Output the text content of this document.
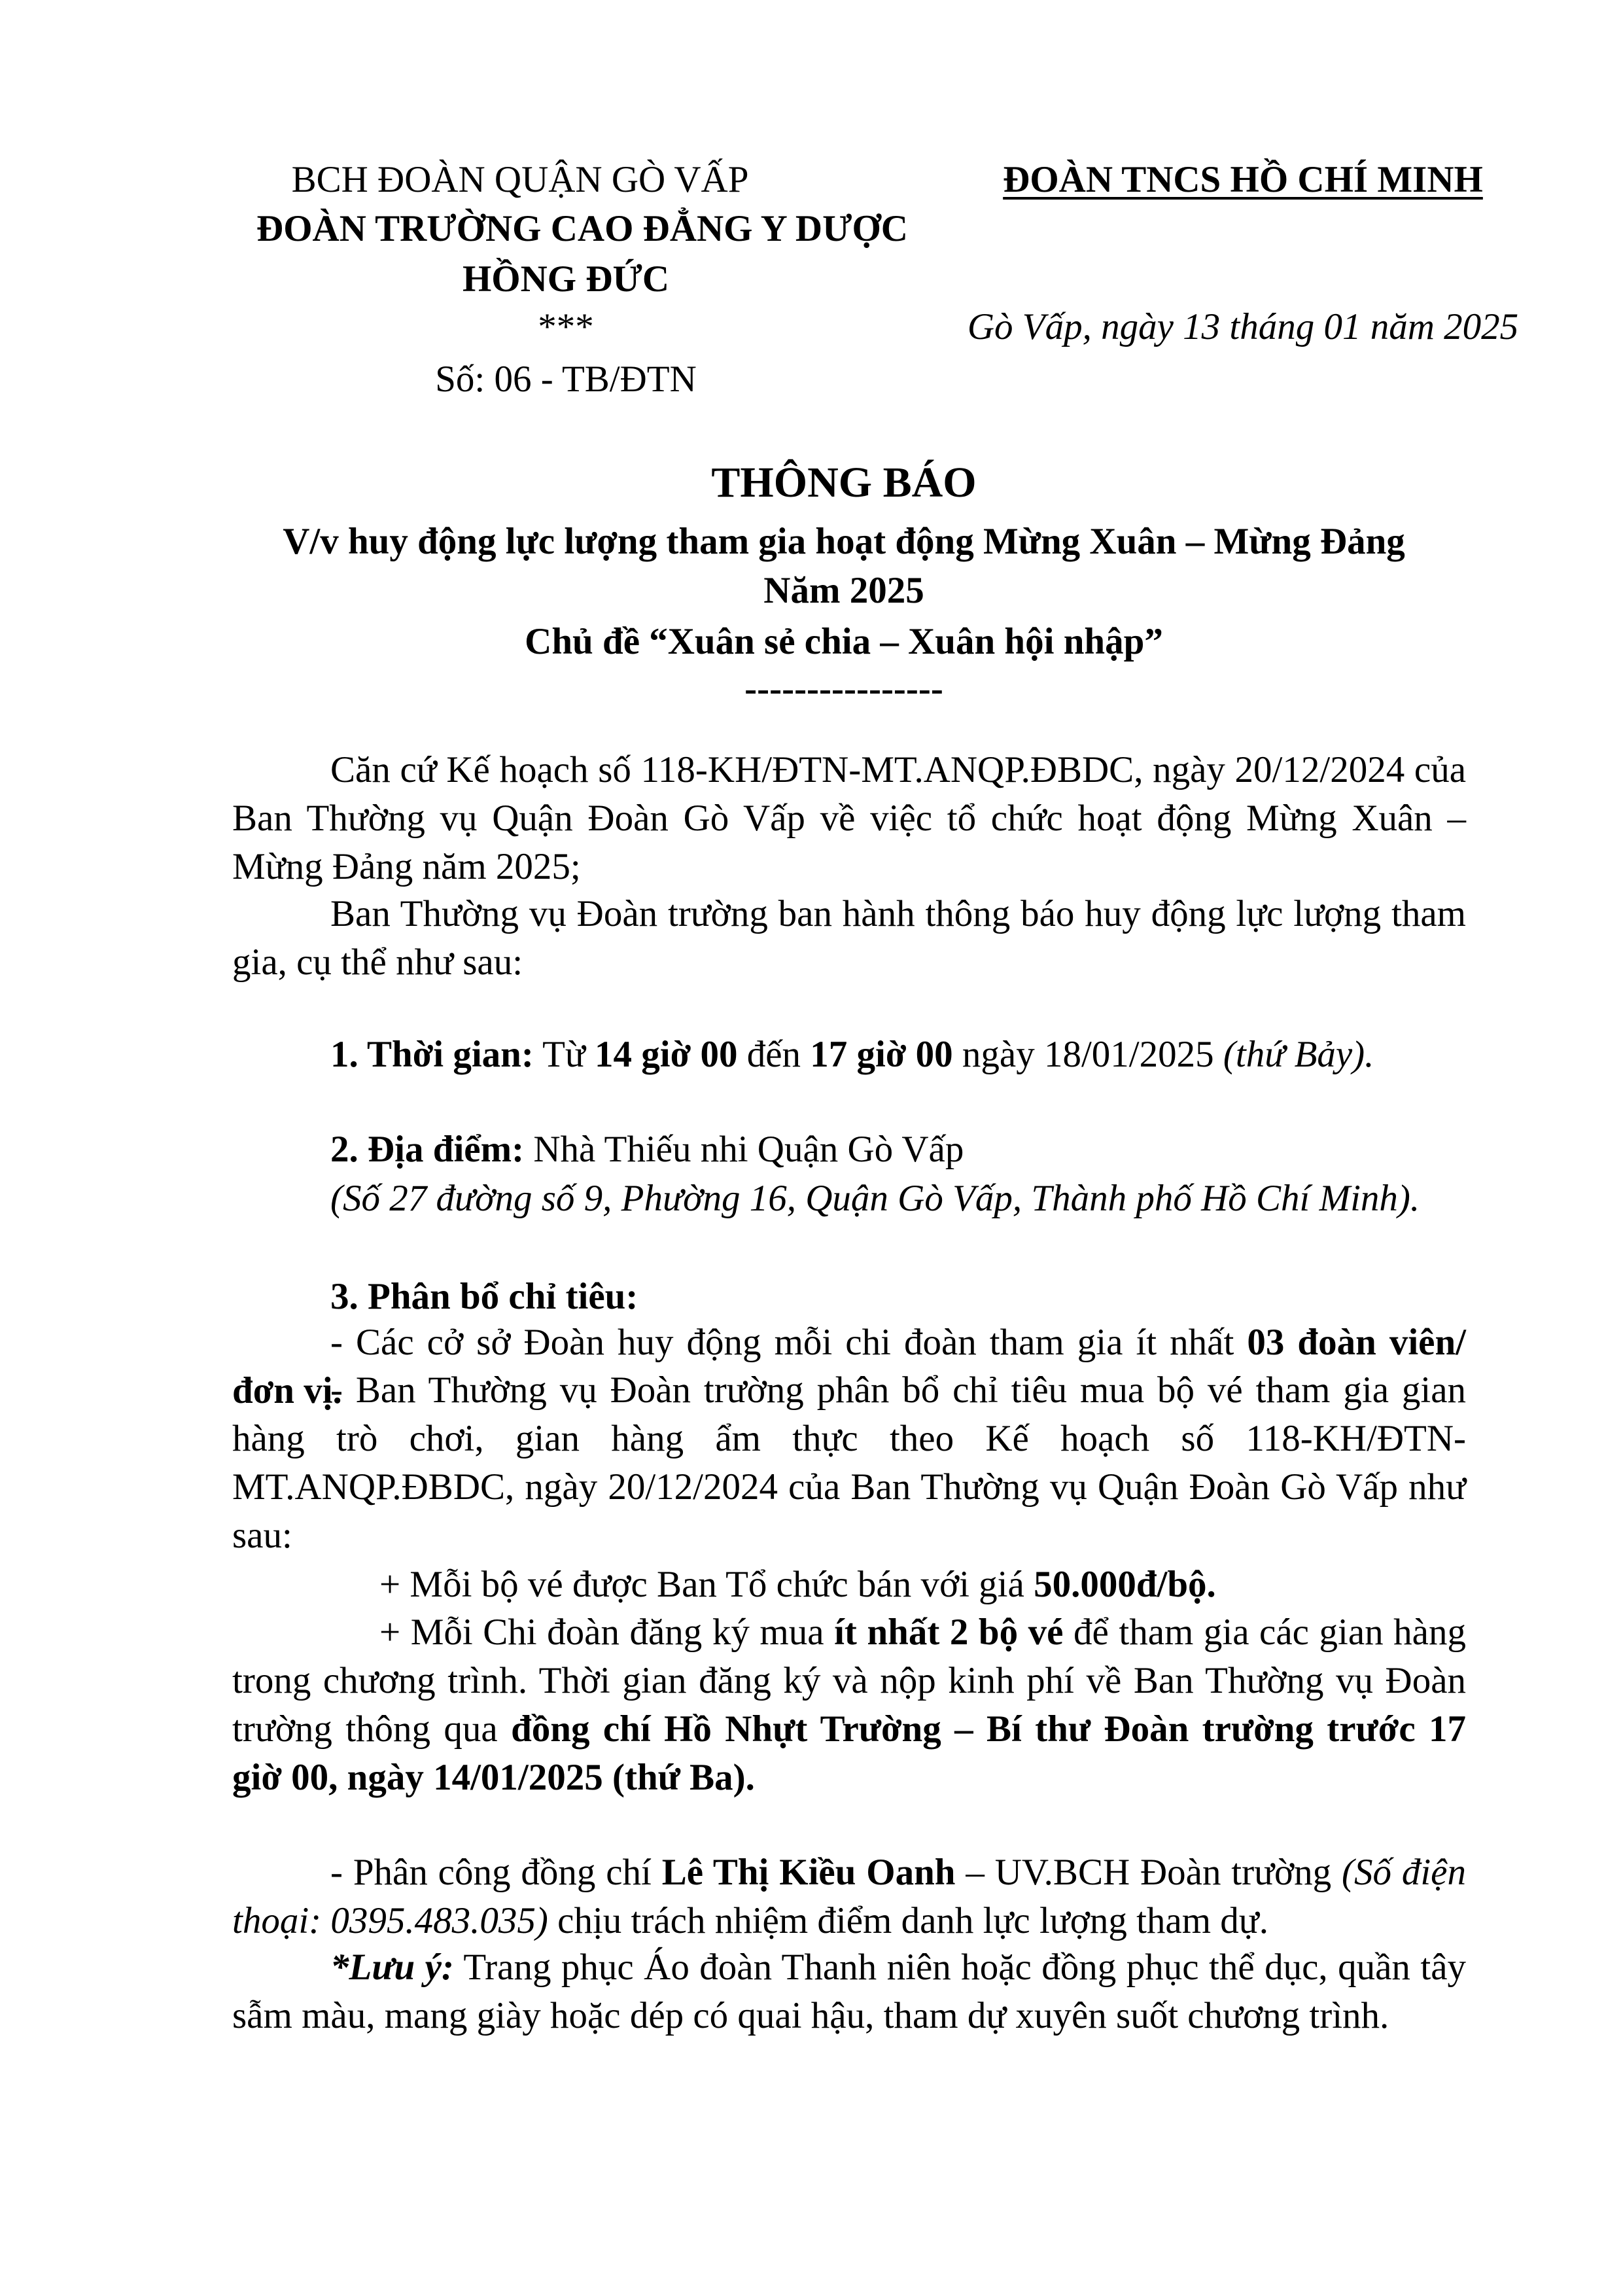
BCH ĐOÀN QUẬN GÒ VẤP
ĐOÀN TRƯỜNG CAO ĐẲNG Y DƯỢC
HỒNG ĐỨC
***
Số: 06 - TB/ĐTN
ĐOÀN TNCS HỒ CHÍ MINH
Gò Vấp, ngày 13 tháng 01 năm 2025
THÔNG BÁO
V/v huy động lực lượng tham gia hoạt động Mừng Xuân – Mừng Đảng
Năm 2025
Chủ đề “Xuân sẻ chia – Xuân hội nhập”
----------------
Căn cứ Kế hoạch số 118-KH/ĐTN-MT.ANQP.ĐBDC, ngày 20/12/2024 của Ban Thường vụ Quận Đoàn Gò Vấp về việc tổ chức hoạt động Mừng Xuân – Mừng Đảng năm 2025;
Ban Thường vụ Đoàn trường ban hành thông báo huy động lực lượng tham gia, cụ thể như sau:
1. Thời gian: Từ 14 giờ 00 đến 17 giờ 00 ngày 18/01/2025 (thứ Bảy).
2. Địa điểm: Nhà Thiếu nhi Quận Gò Vấp
(Số 27 đường số 9, Phường 16, Quận Gò Vấp, Thành phố Hồ Chí Minh).
3. Phân bổ chỉ tiêu:
- Các cở sở Đoàn huy động mỗi chi đoàn tham gia ít nhất 03 đoàn viên/đơn vị.
- Ban Thường vụ Đoàn trường phân bổ chỉ tiêu mua bộ vé tham gia gian hàng trò chơi, gian hàng ẩm thực theo Kế hoạch số 118-KH/ĐTN-MT.ANQP.ĐBDC, ngày 20/12/2024 của Ban Thường vụ Quận Đoàn Gò Vấp như sau:
+ Mỗi bộ vé được Ban Tổ chức bán với giá 50.000đ/bộ.
+ Mỗi Chi đoàn đăng ký mua ít nhất 2 bộ vé để tham gia các gian hàng trong chương trình. Thời gian đăng ký và nộp kinh phí về Ban Thường vụ Đoàn trường thông qua đồng chí Hồ Nhựt Trường – Bí thư Đoàn trường trước 17 giờ 00, ngày 14/01/2025 (thứ Ba).
- Phân công đồng chí Lê Thị Kiều Oanh – UV.BCH Đoàn trường (Số điện thoại: 0395.483.035) chịu trách nhiệm điểm danh lực lượng tham dự.
*Lưu ý: Trang phục Áo đoàn Thanh niên hoặc đồng phục thể dục, quần tây sẫm màu, mang giày hoặc dép có quai hậu, tham dự xuyên suốt chương trình.
